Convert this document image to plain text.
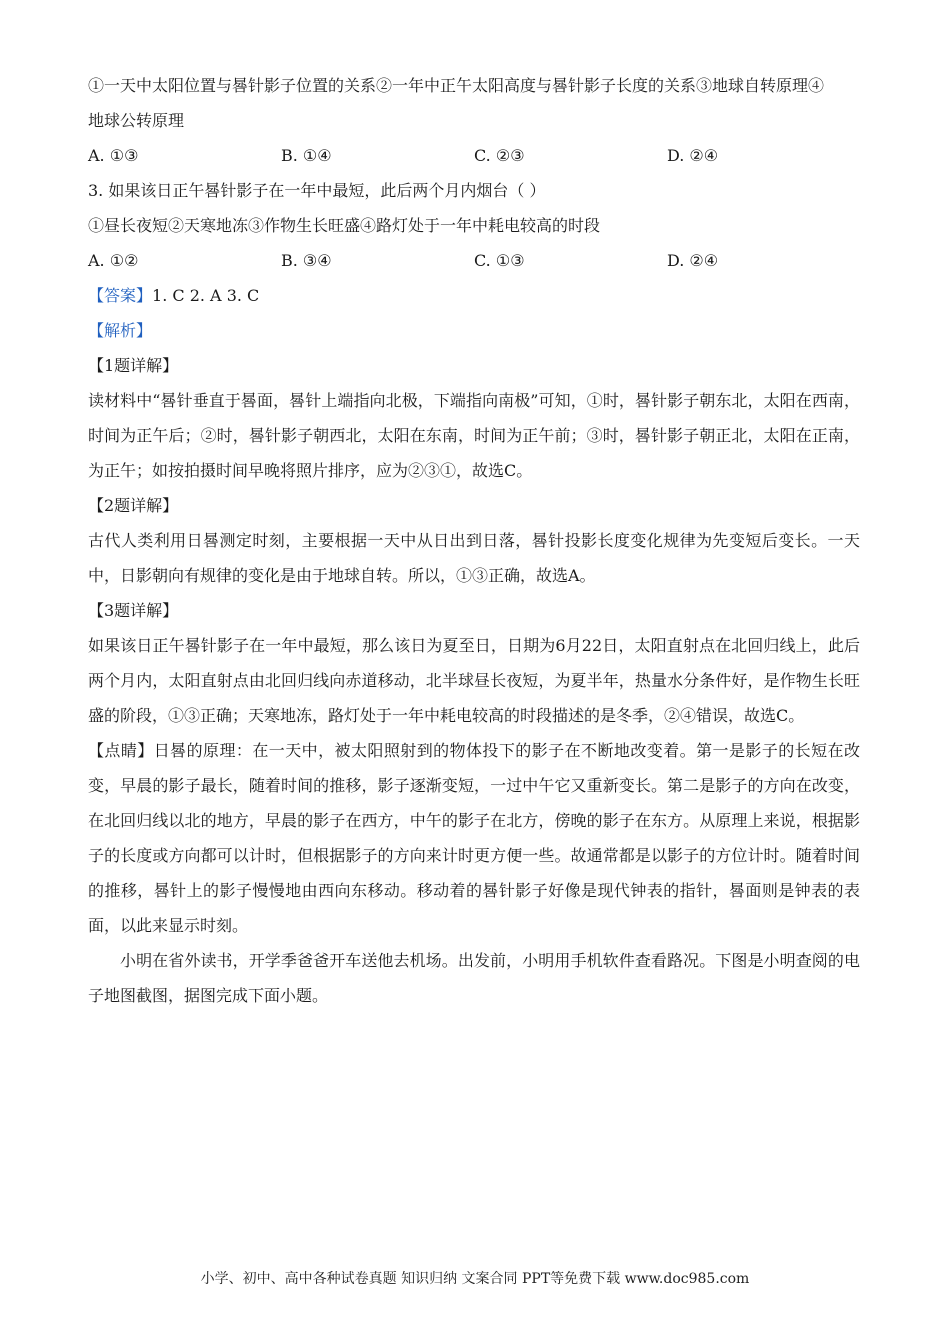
①一天中太阳位置与晷针影子位置的关系②一年中正午太阳高度与晷针影子长度的关系③地球自转原理④

地球公转原理

A. ①③	B. ①④	C. ②③	D. ②④

3. 如果该日正午晷针影子在一年中最短，此后两个月内烟台（ ）

①昼长夜短②天寒地冻③作物生长旺盛④路灯处于一年中耗电较高的时段

A. ①②	B. ③④	C. ①③	D. ②④

【答案】1. C 2. A 3. C

【解析】

【1题详解】

读材料中“晷针垂直于晷面，晷针上端指向北极，下端指向南极”可知，①时，晷针影子朝东北，太阳在西南，时间为正午后；②时，晷针影子朝西北，太阳在东南，时间为正午前；③时，晷针影子朝正北，太阳在正南，为正午；如按拍摄时间早晚将照片排序，应为②③①，故选C。

【2题详解】

古代人类利用日晷测定时刻，主要根据一天中从日出到日落，晷针投影长度变化规律为先变短后变长。一天中，日影朝向有规律的变化是由于地球自转。所以，①③正确，故选A。

【3题详解】

如果该日正午晷针影子在一年中最短，那么该日为夏至日，日期为6月22日，太阳直射点在北回归线上，此后两个月内，太阳直射点由北回归线向赤道移动，北半球昼长夜短，为夏半年，热量水分条件好，是作物生长旺盛的阶段，①③正确；天寒地冻，路灯处于一年中耗电较高的时段描述的是冬季，②④错误，故选C。

【点睛】日晷的原理：在一天中，被太阳照射到的物体投下的影子在不断地改变着。第一是影子的长短在改变，早晨的影子最长，随着时间的推移，影子逐渐变短，一过中午它又重新变长。第二是影子的方向在改变，在北回归线以北的地方，早晨的影子在西方，中午的影子在北方，傍晚的影子在东方。从原理上来说，根据影子的长度或方向都可以计时，但根据影子的方向来计时更方便一些。故通常都是以影子的方位计时。随着时间的推移，晷针上的影子慢慢地由西向东移动。移动着的晷针影子好像是现代钟表的指针，晷面则是钟表的表面，以此来显示时刻。

小明在省外读书，开学季爸爸开车送他去机场。出发前，小明用手机软件查看路况。下图是小明查阅的电子地图截图，据图完成下面小题。

小学、初中、高中各种试卷真题 知识归纳 文案合同 PPT等免费下载 www.doc985.com
